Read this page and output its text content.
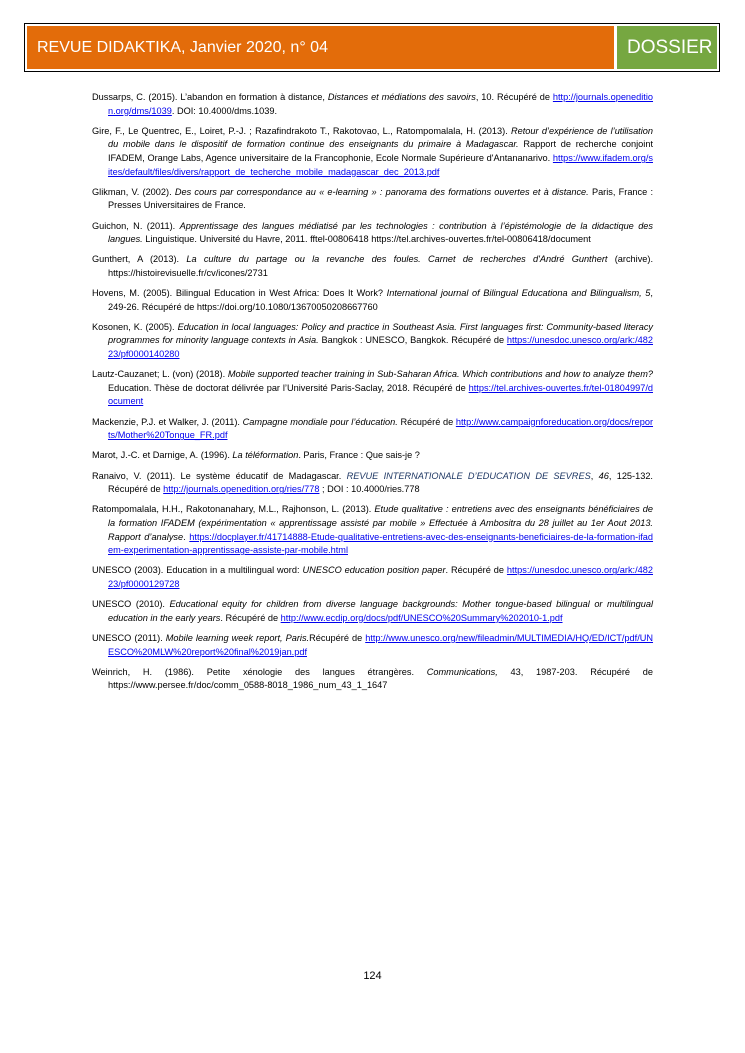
REVUE DIDAKTIKA, Janvier 2020, n° 04	DOSSIER
Dussarps, C. (2015). L’abandon en formation à distance, Distances et médiations des savoirs, 10. Récupéré de http://journals.openedition.org/dms/1039. DOI: 10.4000/dms.1039.
Gire, F., Le Quentrec, E., Loiret, P.-J. ; Razafindrakoto T., Rakotovao, L., Ratompomalala, H. (2013). Retour d’expérience de l’utilisation du mobile dans le dispositif de formation continue des enseignants du primaire à Madagascar. Rapport de recherche conjoint IFADEM, Orange Labs, Agence universitaire de la Francophonie, Ecole Normale Supérieure d'Antananarivo. https://www.ifadem.org/sites/default/files/divers/rapport_de_techerche_mobile_madagascar_dec_2013.pdf
Glikman, V. (2002). Des cours par correspondance au « e-learning » : panorama des formations ouvertes et à distance. Paris, France : Presses Universitaires de France.
Guichon, N. (2011). Apprentissage des langues médiatisé par les technologies : contribution à l’épistémologie de la didactique des langues. Linguistique. Université du Havre, 2011. fftel-00806418 https://tel.archives-ouvertes.fr/tel-00806418/document
Gunthert, A (2013). La culture du partage ou la revanche des foules. Carnet de recherches d'André Gunthert (archive). https://histoirevisuelle.fr/cv/icones/2731
Hovens, M. (2005). Bilingual Education in West Africa: Does It Work? International journal of Bilingual Educationa and Bilingualism, 5, 249-26. Récupéré de https://doi.org/10.1080/13670050208667760
Kosonen, K. (2005). Education in local languages: Policy and practice in Southeast Asia. First languages first: Community-based literacy programmes for minority language contexts in Asia. Bangkok : UNESCO, Bangkok. Récupéré de https://unesdoc.unesco.org/ark:/48223/pf0000140280
Lautz-Cauzanet; L. (von) (2018). Mobile supported teacher training in Sub-Saharan Africa. Which contributions and how to analyze them? Education. Thèse de doctorat délivrée par l’Université Paris-Saclay, 2018. Récupéré de https://tel.archives-ouvertes.fr/tel-01804997/document
Mackenzie, P.J. et Walker, J. (2011). Campagne mondiale pour l’éducation. Récupéré de http://www.campaignforeducation.org/docs/reports/Mother%20Tongue_FR.pdf
Marot, J.-C. et Darnige, A. (1996). La téléformation. Paris, France : Que sais-je ?
Ranaivo, V. (2011). Le système éducatif de Madagascar. REVUE INTERNATIONALE D’EDUCATION DE SEVRES, 46, 125-132. Récupéré de http://journals.openedition.org/ries/778 ; DOI : 10.4000/ries.778
Ratompomalala, H.H., Rakotonanahary, M.L., Rajhonson, L. (2013). Etude qualitative : entretiens avec des enseignants bénéficiaires de la formation IFADEM (expérimentation « apprentissage assisté par mobile » Effectuée à Ambositra du 28 juillet au 1er Aout 2013. Rapport d’analyse. https://docplayer.fr/41714888-Etude-qualitative-entretiens-avec-des-enseignants-beneficiaires-de-la-formation-ifadem-experimentation-apprentissage-assiste-par-mobile.html
UNESCO (2003). Education in a multilingual word: UNESCO education position paper. Récupéré de https://unesdoc.unesco.org/ark:/48223/pf0000129728
UNESCO (2010). Educational equity for children from diverse language backgrounds: Mother tongue-based bilingual or multilingual education in the early years. Récupéré de http://www.ecdip.org/docs/pdf/UNESCO%20Summary%202010-1.pdf
UNESCO (2011). Mobile learning week report, Paris.Récupéré de http://www.unesco.org/new/fileadmin/MULTIMEDIA/HQ/ED/ICT/pdf/UNESCO%20MLW%20report%20final%2019jan.pdf
Weinrich, H. (1986). Petite xénologie des langues étrangères. Communications, 43, 1987-203. Récupéré de https://www.persee.fr/doc/comm_0588-8018_1986_num_43_1_1647
124
